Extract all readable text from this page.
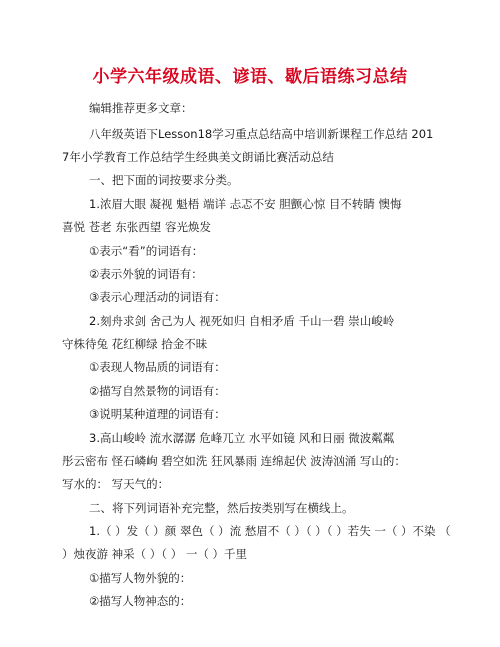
小学六年级成语、谚语、歇后语练习总结
编辑推荐更多文章：
八年级英语下Lesson18学习重点总结高中培训新课程工作总结 201
7年小学教育工作总结学生经典美文朗诵比赛活动总结
一、把下面的词按要求分类。
1.浓眉大眼 凝视 魁梧 端详 忐忑不安 胆颤心惊 目不转睛 懊悔
喜悦 苍老 东张西望 容光焕发
①表示“看”的词语有：
②表示外貌的词语有：
③表示心理活动的词语有：
2.刻舟求剑 舍己为人 视死如归 自相矛盾 千山一碧 崇山峻岭
守株待兔 花红柳绿 拾金不昧
①表现人物品质的词语有：
②描写自然景物的词语有：
③说明某种道理的词语有：
3.高山峻岭 流水潺潺 危峰兀立 水平如镜 风和日丽 微波粼粼
彤云密布 怪石嶙峋 碧空如洗 狂风暴雨 连绵起伏 波涛汹涌 写山的：
写水的： 写天气的：
二、将下列词语补充完整，然后按类别写在横线上。
1.（ ）发（ ）颜 翠色（ ）流 愁眉不（ ）（ ）（ ）若失 一（ ）不染 （
）烛夜游 神采（ ）（ ） 一（ ）千里
①描写人物外貌的：
②描写人物神态的：
